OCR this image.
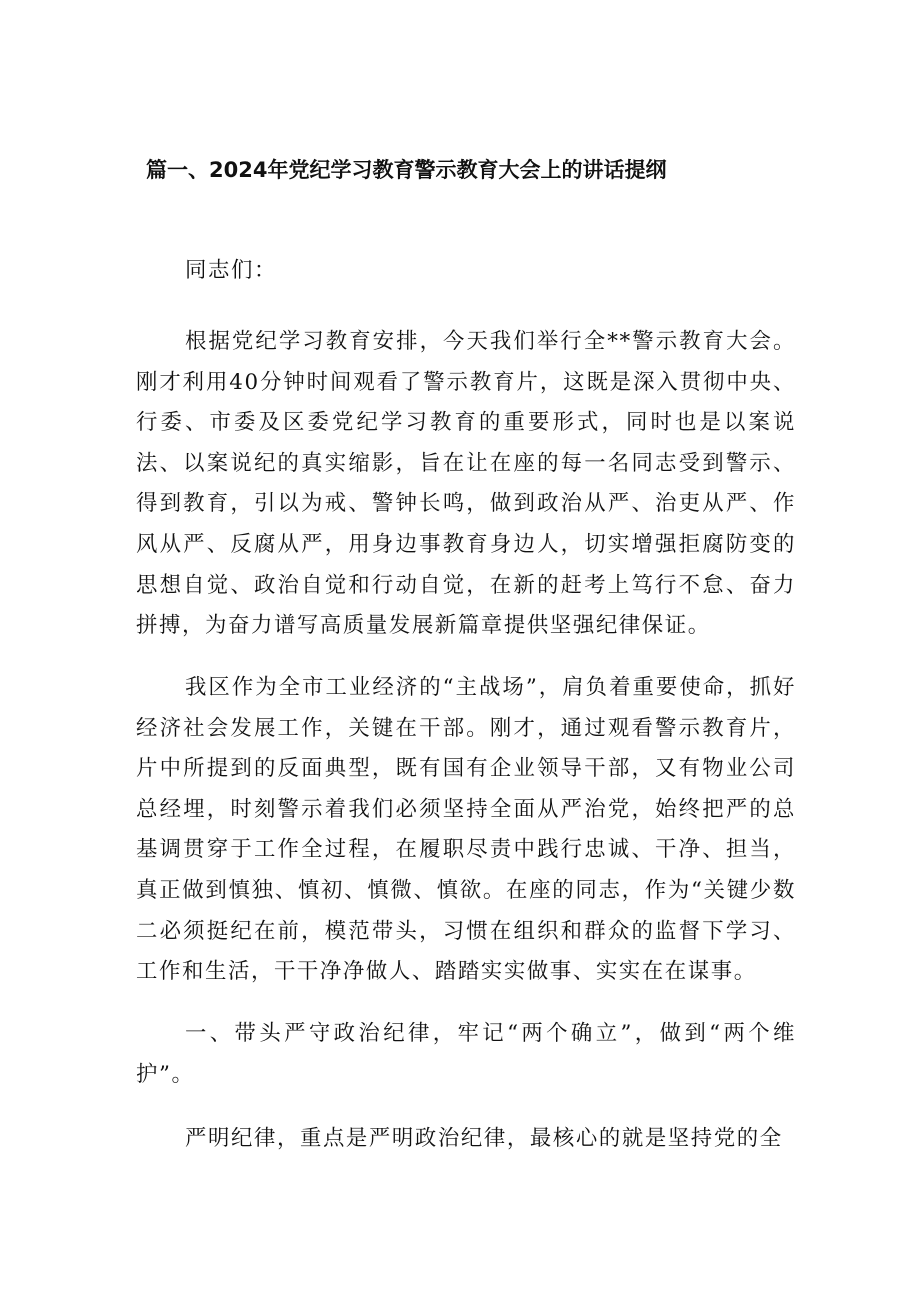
篇一、2024年党纪学习教育警示教育大会上的讲话提纲
同志们：

根据党纪学习教育安排，今天我们举行全**警示教育大会。刚才利用40分钟时间观看了警示教育片，这既是深入贯彻中央、行委、市委及区委党纪学习教育的重要形式，同时也是以案说法、以案说纪的真实缩影，旨在让在座的每一名同志受到警示、得到教育，引以为戒、警钟长鸣，做到政治从严、治吏从严、作风从严、反腐从严，用身边事教育身边人，切实增强拒腐防变的思想自觉、政治自觉和行动自觉，在新的赶考上笃行不怠、奋力拼搏，为奋力谱写高质量发展新篇章提供坚强纪律保证。

我区作为全市工业经济的“主战场”，肩负着重要使命，抓好经济社会发展工作，关键在干部。刚才，通过观看警示教育片，片中所提到的反面典型，既有国有企业领导干部，又有物业公司总经埋，时刻警示着我们必须坚持全面从严治党，始终把严的总基调贯穿于工作全过程，在履职尽责中践行忠诚、干净、担当，真正做到慎独、慎初、慎微、慎欲。在座的同志，作为“关键少数二必须挺纪在前，模范带头，习惯在组织和群众的监督下学习、工作和生活，干干净净做人、踏踏实实做事、实实在在谋事。

一、带头严守政治纪律，牢记“两个确立”，做到“两个维护”。

严明纪律，重点是严明政治纪律，最核心的就是坚持党的全
